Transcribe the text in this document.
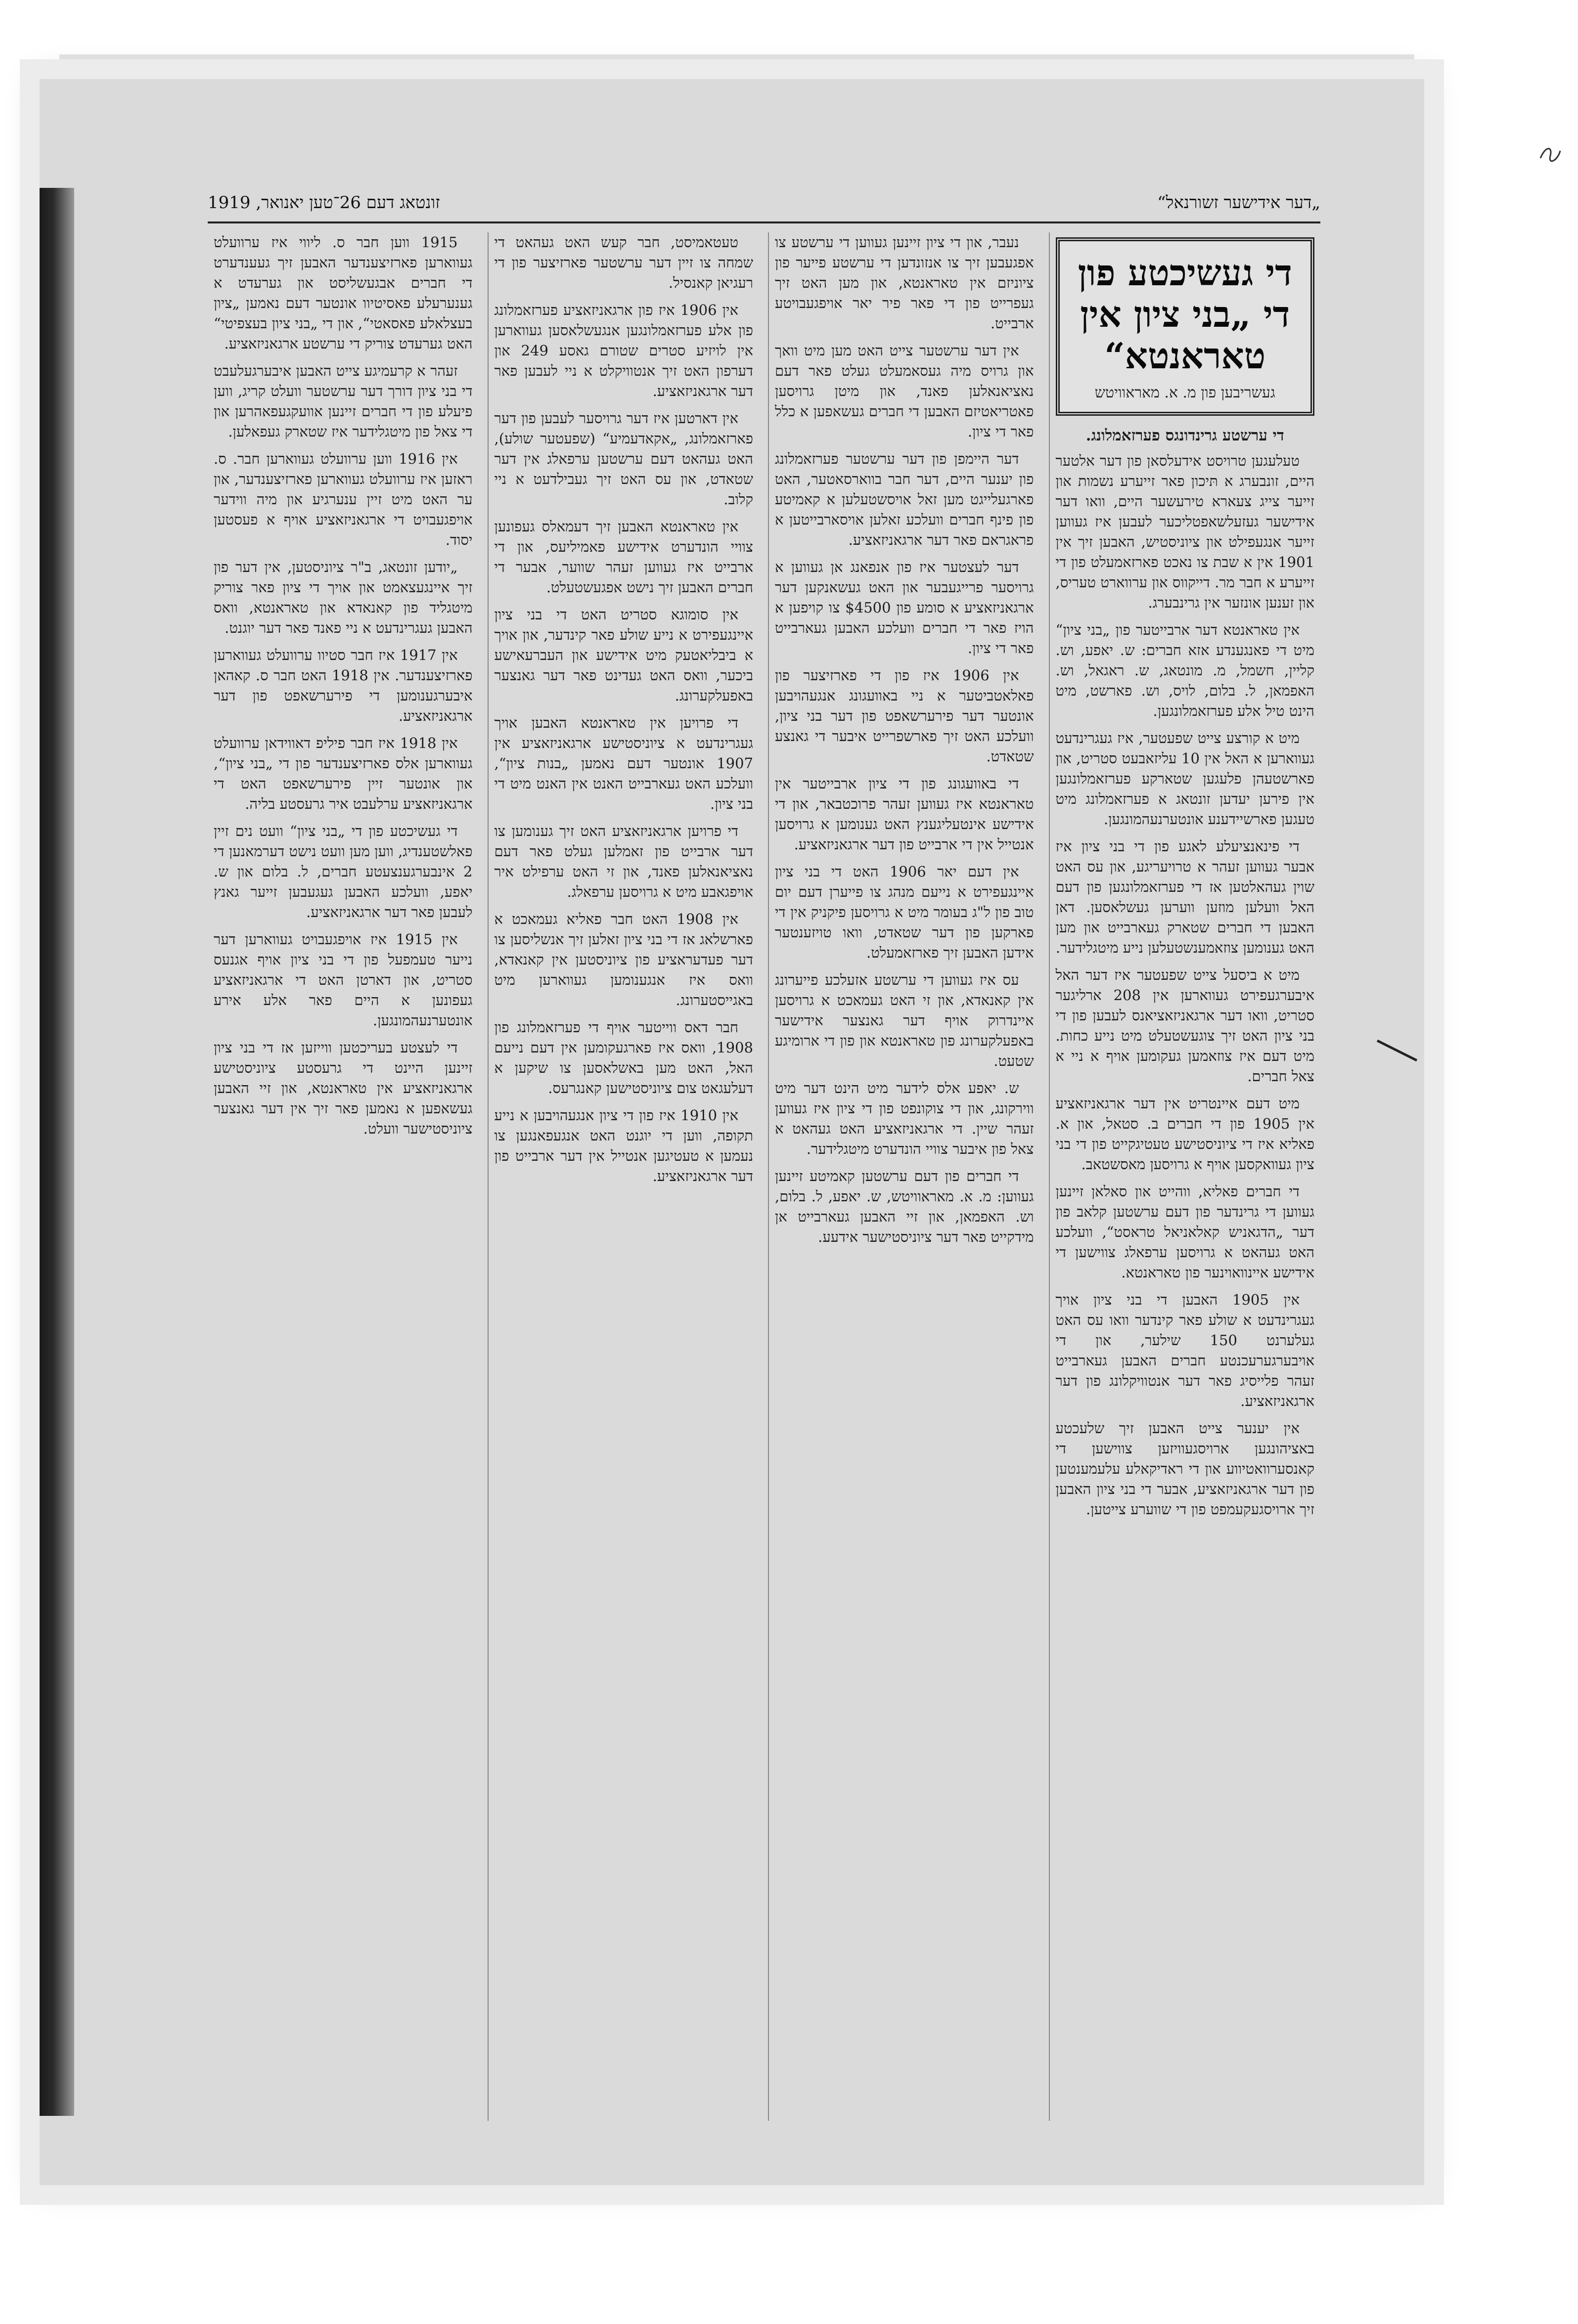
זונטאג דעם 26־טען יאנואר, 1919	„דער אידישער זשורנאל“
די געשיכטע פון די „בני ציון אין
טאראנטא“
געשריבען פון מ. א. מאראוויטש
די ערשטע גרינדונגס פערזאמלונג.

טעלעגען טרויסט אידעלסאן פון דער אלטער היים, זונבערג א תּיכון פאר זייערע נשמות און זייער צייג צעארא טירעשער היים, וואו דער אידישער געזעלשאפטליכער לעבען איז געווען זייער אנגעפילט און ציוניסטיש, האבען זיך אין 1901 אין א שבת צו נאכט פארזאמעלט פון די זייערע א חבר מר. דייקווס און ערווארט טעריס, און זענען אונזער אין גרינבערג.

אין טאראנטא דער ארבייטער פון „בני ציון“ מיט די פאנגענדע אזא חברים: ש. יאפע, וש. קליין, חשמל, מ. מונטאג, ש. ראגאל, וש. האפמאן, ל. בלום, לויס, וש. פארשט, מיט הינט טיל אלע פערזאמלונגען.

מיט א קורצע צייט שפעטער, איז געגרינדעט געווארען א האל אין 10 עליזאבעט סטריט, און פארשטעהן פלעגען שטארקע פערזאמלונגען אין פירען יעדען זונטאג א פערזאמלונג מיט טעגען פארשיידענע אונטערנעהמונגען.

די פינאנציעלע לאגע פון די בני ציון איז אבער געווען זעהר א טרויעריגע, און עס האט שוין געהאלטען אז די פערזאמלונגען פון דעם האל וועלען מוזען ווערען געשלאסען. דאן האבען די חברים שטארק געארבייט און מען האט גענומען צוזאמענשטעלען נייע מיטגלידער.

מיט א ביסעל צייט שפעטער איז דער האל איבערגעפירט געווארען אין 208 ארליגער סטריט, וואו דער ארגאניזאציאנס לעבען פון די בני ציון האט זיך צוגעשטעלט מיט נייע כחות. מיט דעם איז צוזאמען געקומען אויף א ניי א צאל חברים.

מיט דעם איינטריט אין דער ארגאניזאציע אין 1905 פון די חברים ב. סטאל, און א. פאליא איז די ציוניסטישע טעטיגקייט פון די בני ציון געוואקסען אויף א גרויסען מאסשטאב.

די חברים פאליא, ווהייט און סאלאן זיינען געווען די גרינדער פון דעם ערשטען קלאב פון דער „הדגאניש קאלאניאל טראסט“, וועלכע האט געהאט א גרויסען ערפאלג צווישען די אידישע איינוואוינער פון טאראנטא.

אין 1905 האבען די בני ציון אויך געגרינדעט א שולע פאר קינדער וואו עס האט געלערנט 150 שילער, און די אויבערגערעכנטע חברים האבען געארבייט זעהר פלייסיג פאר דער אנטוויקלונג פון דער ארגאניזאציע.

אין יענער צייט האבען זיך שלעכטע באציהונגען ארויסגעוויזען צווישען די קאנסערוואטיווע און די ראדיקאלע עלעמענטען פון דער ארגאניזאציע, אבער די בני ציון האבען זיך ארויסגעקעמפט פון די שווערע צייטען.

נעבר, און די ציון זיינען געווען די ערשטע צו אפגעבען זיך צו אנזונדען די ערשטע פייער פון ציוניזם אין טאראנטא, און מען האט זיך געפרייט פון די פאר פיר יאר אויפגעבויטע ארבייט.

אין דער ערשטער צייט האט מען מיט וואך און גרויס מיה געסאמעלט געלט פאר דעם נאציאנאלען פאנד, און מיטן גרויסען פאטריאטיזם האבען די חברים געשאפען א כלל פאר די ציון.

דער היימפן פון דער ערשטער פערזאמלונג פון יענער היים, דער חבר בווארסאטער, האט פארגעלייגט מען זאל אויסשטעלען א קאמיטע פון פינף חברים וועלכע זאלען אויסארבייטען א פראגראם פאר דער ארגאניזאציע.

דער לעצטער איז פון אנפאנג אן געווען א גרויסער פרייגעבער און האט געשאנקען דער ארגאניזאציע א סומע פון $4500 צו קויפען א הויז פאר די חברים וועלכע האבען געארבייט פאר די ציון.

אין 1906 איז פון די פארזיצער פון פאלאטביטער א ניי באוועגונג אנגעהויבען אונטער דער פירערשאפט פון דער בני ציון, וועלכע האט זיך פארשפרייט איבער די גאנצע שטאדט.

די באוועגונג פון די ציון ארבייטער אין טאראנטא איז געווען זעהר פרוכטבאר, און די אידישע אינטעליגענץ האט גענומען א גרויסען אנטייל אין די ארבייט פון דער ארגאניזאציע.

אין דעם יאר 1906 האט די בני ציון איינגעפירט א נייעם מנהג צו פייערן דעם יום טוב פון ל"ג בעומר מיט א גרויסען פיקניק אין די פארקען פון דער שטאדט, וואו טויזענטער אידען האבען זיך פארזאמעלט.

עס איז געווען די ערשטע אזעלכע פייערונג אין קאנאדא, און זי האט געמאכט א גרויסען איינדרוק אויף דער גאנצער אידישער באפעלקערונג פון טאראנטא און פון די ארומיגע שטעט.

ש. יאפע אלס לידער מיט הינט דער מיט ווירקונג, און די צוקונפט פון די ציון איז געווען זעהר שיין. די ארגאניזאציע האט געהאט א צאל פון איבער צוויי הונדערט מיטגלידער.

די חברים פון דעם ערשטען קאמיטע זיינען געווען: מ. א. מאראוויטש, ש. יאפע, ל. בלום, וש. האפמאן, און זיי האבען געארבייט אן מידקייט פאר דער ציוניסטישער אידעע.

טעטאמיסט, חבר קעש האט געהאט די שמחה צו זיין דער ערשטער פארזיצער פון די רעגיאן קאנסיל.

אין 1906 איז פון ארגאניזאציע פערזאמלונג פון אלע פערזאמלונגען אנגעשלאסען געווארען אין לויזיע סטרים שטורם גאסע 249 און דערפון האט זיך אנטוויקלט א ניי לעבען פאר דער ארגאניזאציע.

אין דארטען איז דער גרויסער לעבען פון דער פארזאמלונג, „אקאדעמיע“ (שפעטער שולע), האט געהאט דעם ערשטען ערפאלג אין דער שטאדט, און עס האט זיך געבילדעט א ניי קלוב.

אין טאראנטא האבען זיך דעמאלס געפונען צוויי הונדערט אידישע פאמיליעס, און די ארבייט איז געווען זעהר שווער, אבער די חברים האבען זיך נישט אפגעשטעלט.

אין סומוגא סטריט האט די בני ציון איינגעפירט א נייע שולע פאר קינדער, און אויך א ביבליאטעק מיט אידישע און העברעאישע ביכער, וואס האט געדינט פאר דער גאנצער באפעלקערונג.

די פרויען אין טאראנטא האבען אויך געגרינדעט א ציוניסטישע ארגאניזאציע אין 1907 אונטער דעם נאמען „בנות ציון“, וועלכע האט געארבייט האנט אין האנט מיט די בני ציון.

די פרויען ארגאניזאציע האט זיך גענומען צו דער ארבייט פון זאמלען געלט פאר דעם נאציאנאלען פאנד, און זי האט ערפילט איר אויפגאבע מיט א גרויסען ערפאלג.

אין 1908 האט חבר פאליא געמאכט א פארשלאג אז די בני ציון זאלען זיך אנשליסען צו דער פעדעראציע פון ציוניסטען אין קאנאדא, וואס איז אנגענומען געווארען מיט באגייסטערונג.

חבר דאס ווייטער אויף די פערזאמלונג פון 1908, וואס איז פארגעקומען אין דעם נייעם האל, האט מען באשלאסען צו שיקען א דעלעגאט צום ציוניסטישען קאנגרעס.

אין 1910 איז פון די ציון אנגעהויבען א נייע תקופה, ווען די יוגנט האט אנגעפאנגען צו נעמען א טעטיגען אנטייל אין דער ארבייט פון דער ארגאניזאציע.

1915 ווען חבר ס. ליווי איז ערוועלט געווארען פארזיצענדער האבען זיך געענדערט די חברים אבגעשליסט און גערעדט א גענערעלע פאסיטיוו אונטער דעם נאמען „ציון בעצלאלע פאסאטי“, און די „בני ציון בעצפיטי“ האט גערעדט צוריק די ערשטע ארגאניזאציע.

זעהר א קרעמיגע צייט האבען איבערגעלעבט די בני ציון דורך דער ערשטער וועלט קריג, ווען פיעלע פון די חברים זיינען אוועקגעפאהרען און די צאל פון מיטגלידער איז שטארק געפאלען.

אין 1916 ווען ערוועלט געווארען חבר. ס. ראזען איז ערוועלט געווארען פארזיצענדער, און ער האט מיט זיין ענערגיע און מיה ווידער אויפגעבויט די ארגאניזאציע אויף א פעסטען יסוד.

„יודען זונטאג, ב"ר ציוניסטען, אין דער פון זיך איינגעצאמט און אויך די ציון פאר צוריק מיטגליד פון קאנאדא און טאראנטא, וואס האבען געגרינדעט א ניי פאנד פאר דער יוגנט.

אין 1917 איז חבר סטיוו ערוועלט געווארען פארזיצענדער. אין 1918 האט חבר ס. קאהאן איבערגענומען די פירערשאפט פון דער ארגאניזאציע.

אין 1918 איז חבר פיליפ דאווידאן ערוועלט געווארען אלס פארזיצענדער פון די „בני ציון“, און אונטער זיין פירערשאפט האט די ארגאניזאציע ערלעבט איר גרעסטע בליה.

די געשיכטע פון די „בני ציון“ וועט נים זיין פאלשטענדיג, ווען מען וועט נישט דערמאנען די 2 אינבערגענצעטע חברים, ל. בלום און ש. יאפע, וועלכע האבען געגעבען זייער גאנץ לעבען פאר דער ארגאניזאציע.

אין 1915 איז אויפגעבויט געווארען דער נייער טעמפעל פון די בני ציון אויף אגנעס סטריט, און דארטן האט די ארגאניזאציע געפונען א היים פאר אלע אירע אונטערנעהמונגען.

די לעצטע בעריכטען ווייזען אז די בני ציון זיינען היינט די גרעסטע ציוניסטישע ארגאניזאציע אין טאראנטא, און זיי האבען געשאפען א נאמען פאר זיך אין דער גאנצער ציוניסטישער וועלט.
